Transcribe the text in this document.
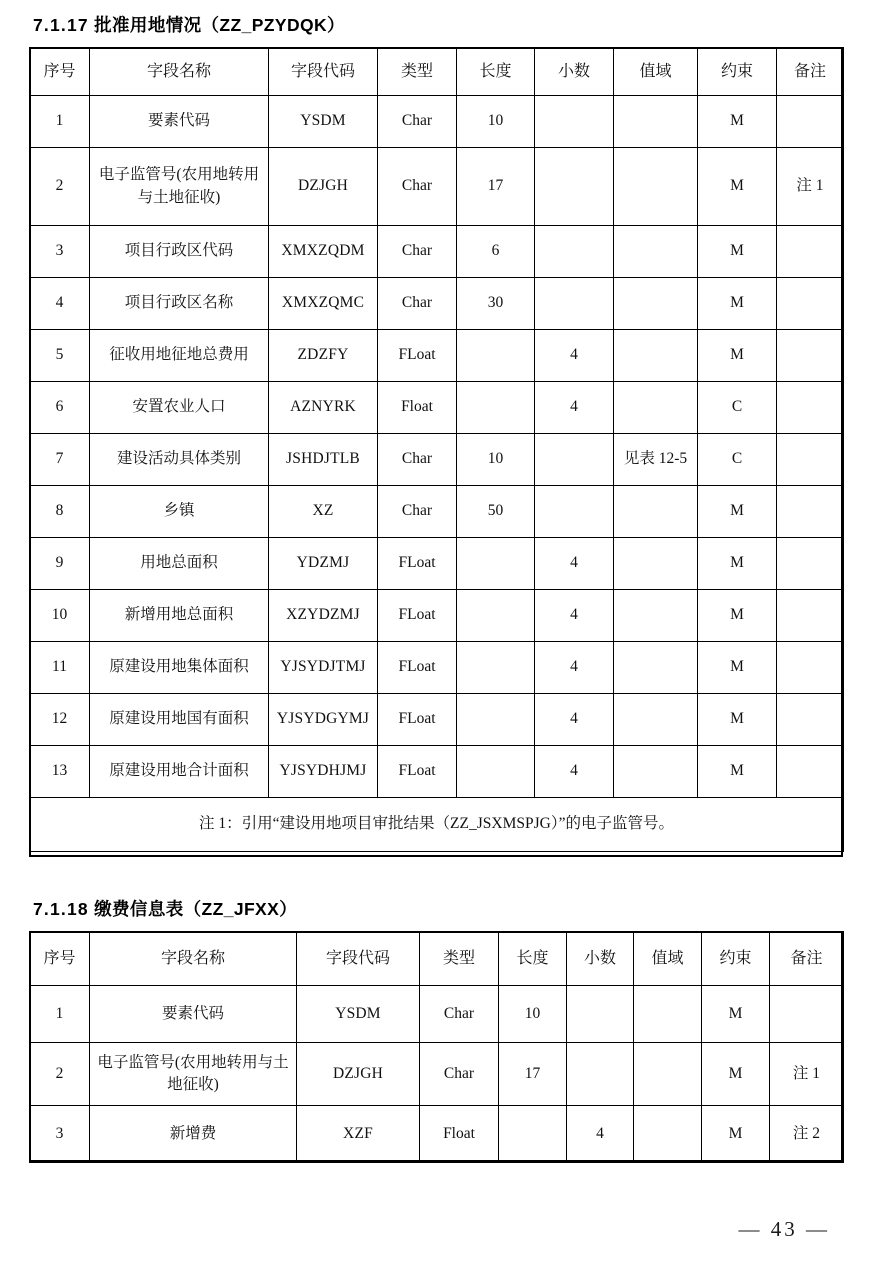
7.1.17 批准用地情况（ZZ_PZYDQK）
序号	字段名称	字段代码	类型	长度	小数	值域	约束	备注
1	要素代码	YSDM	Char	10			M	
2	电子监管号(农用地转用与土地征收)	DZJGH	Char	17			M	注 1
3	项目行政区代码	XMXZQDM	Char	6			M	
4	项目行政区名称	XMXZQMC	Char	30			M	
5	征收用地征地总费用	ZDZFY	FLoat		4		M	
6	安置农业人口	AZNYRK	Float		4		C	
7	建设活动具体类别	JSHDJTLB	Char	10		见表 12-5	C	
8	乡镇	XZ	Char	50			M	
9	用地总面积	YDZMJ	FLoat		4		M	
10	新增用地总面积	XZYDZMJ	FLoat		4		M	
11	原建设用地集体面积	YJSYDJTMJ	FLoat		4		M	
12	原建设用地国有面积	YJSYDGYMJ	FLoat		4		M	
13	原建设用地合计面积	YJSYDHJMJ	FLoat		4		M	
注 1：引用“建设用地项目审批结果（ZZ_JSXMSPJG）”的电子监管号。								
7.1.18 缴费信息表（ZZ_JFXX）
序号	字段名称	字段代码	类型	长度	小数	值域	约束	备注
1	要素代码	YSDM	Char	10			M	
2	电子监管号(农用地转用与土地征收)	DZJGH	Char	17			M	注 1
3	新增费	XZF	Float		4		M	注 2
— 43 —
